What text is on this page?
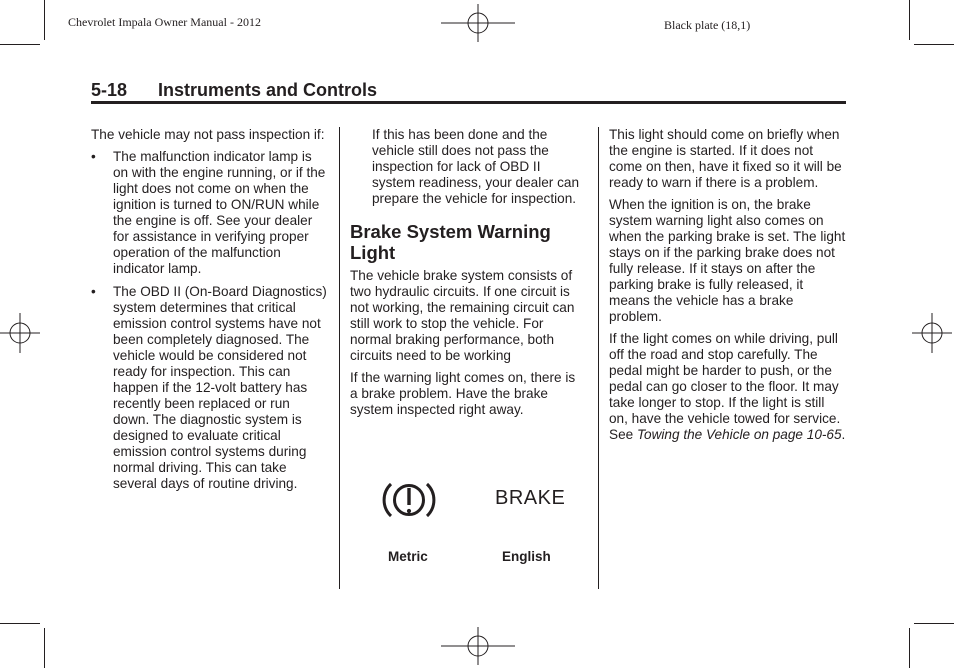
Chevrolet Impala Owner Manual - 2012	Black plate (18,1)
5-18 Instruments and Controls

The vehicle may not pass inspection if:

• The malfunction indicator lamp is on with the engine running, or if the light does not come on when the ignition is turned to ON/RUN while the engine is off. See your dealer for assistance in verifying proper operation of the malfunction indicator lamp.
• The OBD II (On-Board Diagnostics) system determines that critical emission control systems have not been completely diagnosed. The vehicle would be considered not ready for inspection. This can happen if the 12-volt battery has recently been replaced or run down. The diagnostic system is designed to evaluate critical emission control systems during normal driving. This can take several days of routine driving.

If this has been done and the vehicle still does not pass the inspection for lack of OBD II system readiness, your dealer can prepare the vehicle for inspection.

Brake System Warning Light

The vehicle brake system consists of two hydraulic circuits. If one circuit is not working, the remaining circuit can still work to stop the vehicle. For normal braking performance, both circuits need to be working

If the warning light comes on, there is a brake problem. Have the brake system inspected right away.

BRAKE
Metric	English

This light should come on briefly when the engine is started. If it does not come on then, have it fixed so it will be ready to warn if there is a problem.

When the ignition is on, the brake system warning light also comes on when the parking brake is set. The light stays on if the parking brake does not fully release. If it stays on after the parking brake is fully released, it means the vehicle has a brake problem.

If the light comes on while driving, pull off the road and stop carefully. The pedal might be harder to push, or the pedal can go closer to the floor. It may take longer to stop. If the light is still on, have the vehicle towed for service. See Towing the Vehicle on page 10-65.
